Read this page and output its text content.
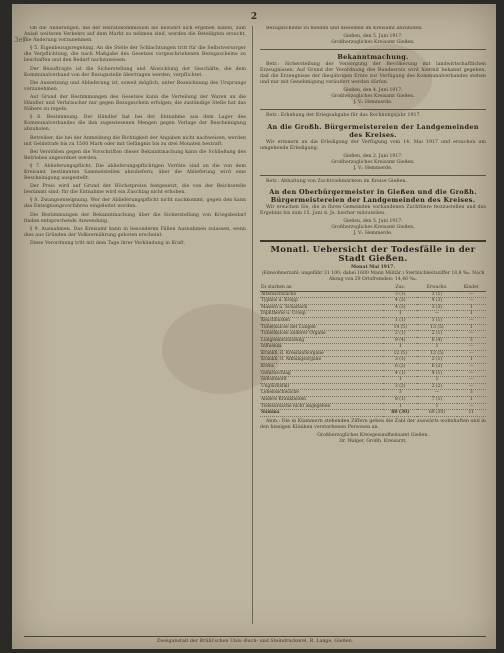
3ef
2

Ob die Änderungen, die der Beiratskommission als bewährt sich ergeben haben, zum Anlaß weiteren Verkehrs auf dem Markt zu nehmen sind, werden die Beteiligten ersucht, die Änderung vorzunehmen.

§ 5. Eigenbezugsregelung. An die Stelle der Schlachtungen tritt für die Selbstversorger die Verpflichtung, die nach Maßgabe des Gesetzes vorgeschriebenen Bezugsscheine zu beschaffen und den Bedarf nachzuweisen.

Der Beauftragte ist die Sicherstellung und Abwicklung der Geschäfte, die dem Kommunalverband von der Bezugsstelle übertragen werden, verpflichtet.

Die Aussetzung und Ablieferung ist, soweit möglich, unter Bezeichnung des Ursprungs vorzunehmen.

Auf Grund der Bestimmungen des Gesetzes kann die Verteilung der Waren an die Händler und Verbraucher nur gegen Bezugsschein erfolgen; die zuständige Stelle hat das Nähere zu regeln.

§ 6. Bestimmung. Der Händler hat bei der Entnahme aus dem Lager des Kommunalverbandes die ihm zugewiesenen Mengen gegen Vorlage der Bescheinigung abzuholen.

Betreiber, die bei der Anmeldung die Richtigkeit der Angaben nicht nachweisen, werden mit Geldstrafe bis zu 1500 Mark oder mit Gefängnis bis zu drei Monaten bestraft.

Bei Verstößen gegen die Vorschriften dieser Bekanntmachung kann die Schließung des Betriebes angeordnet werden.

§ 7. Ablieferungspflicht. Die ablieferungspflichtigen Vorräte sind an die von dem Kreisamt bestimmten Sammelstellen abzuliefern; über die Ablieferung wird eine Bescheinigung ausgestellt.

Der Preis wird auf Grund der Höchstpreise festgesetzt, die von der Reichsstelle bestimmt sind; für die Entnahme wird ein Zuschlag nicht erhoben.

§ 8. Zwangsenteignung. Wer der Ablieferungspflicht nicht nachkommt, gegen den kann das Enteignungsverfahren eingeleitet werden.

Die Bestimmungen der Bekanntmachung über die Sicherstellung von Kriegsbedarf finden entsprechende Anwendung.

§ 9. Ausnahmen. Das Kreisamt kann in besonderen Fällen Ausnahmen zulassen, wenn dies aus Gründen der Volksernährung geboten erscheint.

Diese Verordnung tritt mit dem Tage ihrer Verkündung in Kraft.

Bezugsscheine zu melden und dieselben im Kreisamt abzuholen.

Gießen, den 5. Juni 1917.
Großherzogliches Kreisamt Gießen.
Bekanntmachung.

Betr.: Sicherstellung der Versorgung der Bevölkerung mit landwirtschaftlichen Erzeugnissen. Auf Grund der Verordnung des Bundesrats wird hiermit bekannt gegeben, daß die Erzeugnisse der diesjährigen Ernte zur Verfügung des Kommunalverbandes stehen und nur mit Genehmigung veräußert werden dürfen.

Gießen, den 4. Juni 1917.
Großherzogliches Kreisamt Gießen.
J. V.: Hemmerde.

Betr.: Erhebung der Kriegsabgabe für das Rechnungsjahr 1917.

An die Großh. Bürgermeistereien der Landgemeinden des Kreises.

Wir erinnern an die Erledigung der Verfügung vom 14. Mai 1917 und ersuchen um umgehende Erledigung.

Gießen, den 2. Juni 1917.
Großherzogliches Kreisamt Gießen.
J. V.: Hemmerde.

Betr.: Abhaltung von Zuchtviehmärkten im Kreise Gießen.

An den Oberbürgermeister in Gießen und die Großh. Bürgermeistereien der Landgemeinden des Kreises.

Wir ersuchen Sie, die in Ihren Gemeinden vorhandenen Zuchttiere festzustellen und das Ergebnis bis zum 15. Juni d. Js. hierher mitzuteilen.

Gießen, den 5. Juni 1917.
Großherzogliches Kreisamt Gießen.
J. V.: Hemmerde.
Monatl. Uebersicht der Todesfälle in der Stadt Gießen.
Monat Mai 1917.
(Einwohnerzahl: ungefähr 31 100; dabei 1600 Mann Militär.) Sterblichkeitsziffer 18,8 ‰. Nach Abzug von 29 Ortsfremden: 14,46 ‰.
Es starben an	Zus.	Erwachs.	Kinder
Altersschwäche	3 (1)	3 (1)	—
Typhus u. Kropp	4 (3)	4 (3)	—
Masern u. Scharlach	4 (3)	3 (3)	1
Diphtherie u. Croup	1	—	1
Keuchhusten	1 (1)	1 (1)	—
Tuberkulose der Lungen	14 (5)	13 (5)	1
Tuberkulose anderer Organe	2 (1)	2 (1)	—
Lungenentzündung	9 (4)	6 (4)	3
Influenza	1	1	—
Krankh. d. Kreislaufsorgane	12 (5)	12 (5)	—
Krankh. d. Atmungsorgane	3 (1)	2 (1)	1
Krebs	6 (2)	6 (2)	—
Gehirnschlag	4 (1)	4 (1)	—
Selbstmord	1	1	—
Unglücksfall	2 (2)	2 (2)	—
Lebensschwäche	3	—	3
Andere Krankheiten	8 (1)	7 (1)	1
Todesursache nicht angegeben	1	1	—
Summa	80 (30)	69 (30)	11

Anm.: Die in Klammern stehenden Ziffern geben die Zahl der auswärts wohnhaften und in den hiesigen Kliniken verstorbenen Personen an.

Großherzogliches Kreisgesundheitsamt Gießen.
Dr. Walger, Großh. Kreisarzt.
Zweiganstalt der Brühl'schen Univ.-Buch- und Steindruckerei. R. Lange, Gießen.
